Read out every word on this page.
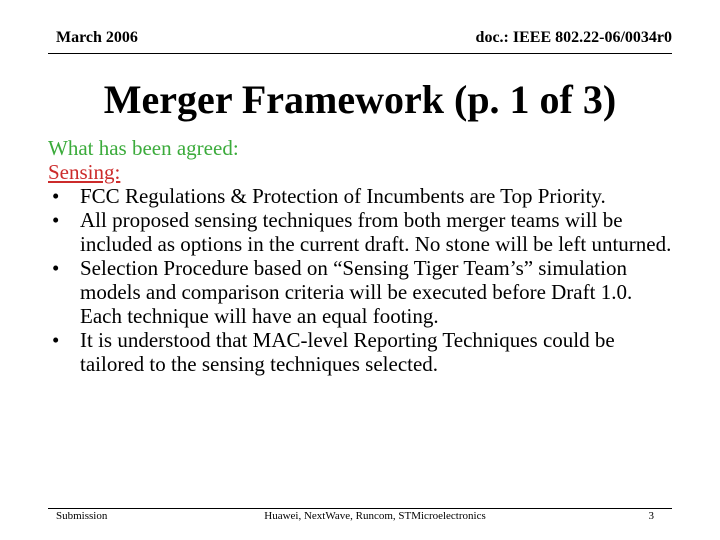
March 2006	doc.: IEEE 802.22-06/0034r0
Merger Framework (p. 1 of 3)
What has been agreed:
Sensing:
• FCC Regulations & Protection of Incumbents are Top Priority.
• All proposed sensing techniques from both merger teams will be included as options in the current draft. No stone will be left unturned.
• Selection Procedure based on “Sensing Tiger Team’s” simulation models and comparison criteria will be executed before Draft 1.0. Each technique will have an equal footing.
• It is understood that MAC-level Reporting Techniques could be tailored to the sensing techniques selected.
Submission	Huawei, NextWave, Runcom, STMicroelectronics	3
